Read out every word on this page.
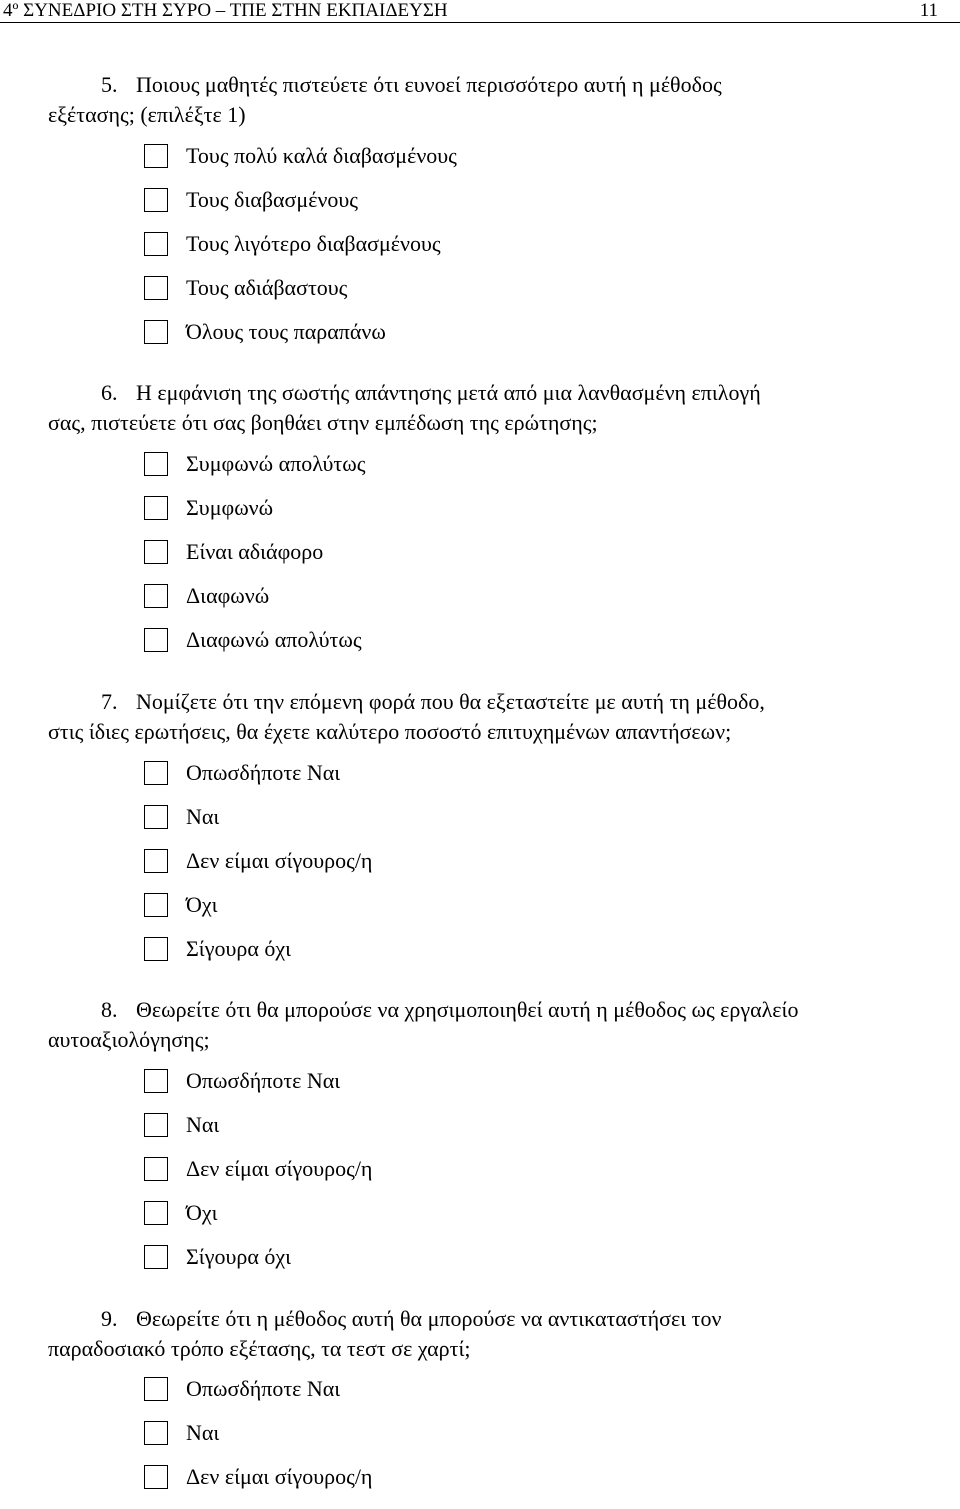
4º ΣΥΝΕΔΡΙΟ ΣΤΗ ΣΥΡΟ – ΤΠΕ ΣΤΗΝ ΕΚΠΑΙΔΕΥΣΗ	11
5. Ποιους μαθητές πιστεύετε ότι ευνοεί περισσότερο αυτή η μέθοδος
εξέτασης; (επιλέξτε 1)
Τους πολύ καλά διαβασμένους
Τους διαβασμένους
Τους λιγότερο διαβασμένους
Τους αδιάβαστους
Όλους τους παραπάνω
6. Η εμφάνιση της σωστής απάντησης μετά από μια λανθασμένη επιλογή
σας, πιστεύετε ότι σας βοηθάει στην εμπέδωση της ερώτησης;
Συμφωνώ απολύτως
Συμφωνώ
Είναι αδιάφορο
Διαφωνώ
Διαφωνώ απολύτως
7. Νομίζετε ότι την επόμενη φορά που θα εξεταστείτε με αυτή τη μέθοδο,
στις ίδιες ερωτήσεις, θα έχετε καλύτερο ποσοστό επιτυχημένων απαντήσεων;
Οπωσδήποτε Ναι
Ναι
Δεν είμαι σίγουρος/η
Όχι
Σίγουρα όχι
8. Θεωρείτε ότι θα μπορούσε να χρησιμοποιηθεί αυτή η μέθοδος ως εργαλείο
αυτοαξιολόγησης;
Οπωσδήποτε Ναι
Ναι
Δεν είμαι σίγουρος/η
Όχι
Σίγουρα όχι
9. Θεωρείτε ότι η μέθοδος αυτή θα μπορούσε να αντικαταστήσει τον
παραδοσιακό τρόπο εξέτασης, τα τεστ σε χαρτί;
Οπωσδήποτε Ναι
Ναι
Δεν είμαι σίγουρος/η
